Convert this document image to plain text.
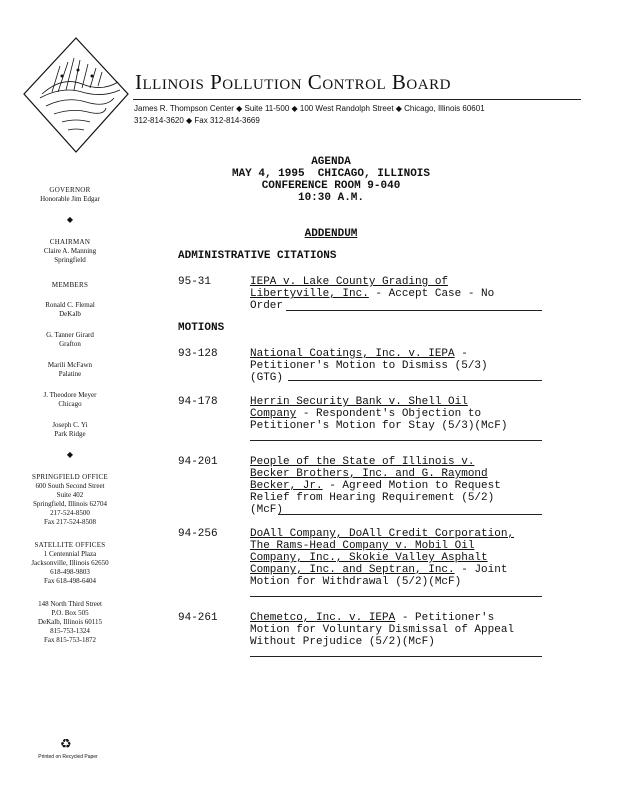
Illinois Pollution Control Board
James R. Thompson Center ◆ Suite 11-500 ◆ 100 West Randolph Street ◆ Chicago, Illinois 60601
312-814-3620 ◆ Fax 312-814-3669
GOVERNOR
Honorable Jim Edgar
◆
CHAIRMAN
Claire A. Manning
Springfield
MEMBERS
Ronald C. Flemal
DeKalb
G. Tanner Girard
Grafton
Marili McFawn
Palatine
J. Theodore Meyer
Chicago
Joseph C. Yi
Park Ridge
◆
SPRINGFIELD OFFICE
600 South Second Street
Suite 402
Springfield, Illinois 62704
217-524-8500
Fax 217-524-8508
SATELLITE OFFICES
1 Centennial Plaza
Jacksonville, Illinois 62650
618-498-9803
Fax 618-498-6404
148 North Third Street
P.O. Box 505
DeKalb, Illinois 60115
815-753-1324
Fax 815-753-1872
♻
Printed on Recycled Paper
AGENDA
MAY 4, 1995  CHICAGO, ILLINOIS
CONFERENCE ROOM 9-040
10:30 A.M.
ADDENDUM
ADMINISTRATIVE CITATIONS
MOTIONS
95-31	IEPA v. Lake County Grading of
Libertyville, Inc. - Accept Case - No
Order
93-128	National Coatings, Inc. v. IEPA -
Petitioner's Motion to Dismiss (5/3)
(GTG)
94-178	Herrin Security Bank v. Shell Oil
Company - Respondent's Objection to
Petitioner's Motion for Stay (5/3)(McF)
94-201	People of the State of Illinois v.
Becker Brothers, Inc. and G. Raymond
Becker, Jr. - Agreed Motion to Request
Relief from Hearing Requirement (5/2)
(McF)
94-256	DoAll Company, DoAll Credit Corporation,
The Rams-Head Company v. Mobil Oil
Company, Inc., Skokie Valley Asphalt
Company, Inc. and Septran, Inc. - Joint
Motion for Withdrawal (5/2)(McF)
94-261	Chemetco, Inc. v. IEPA - Petitioner's
Motion for Voluntary Dismissal of Appeal
Without Prejudice (5/2)(McF)
